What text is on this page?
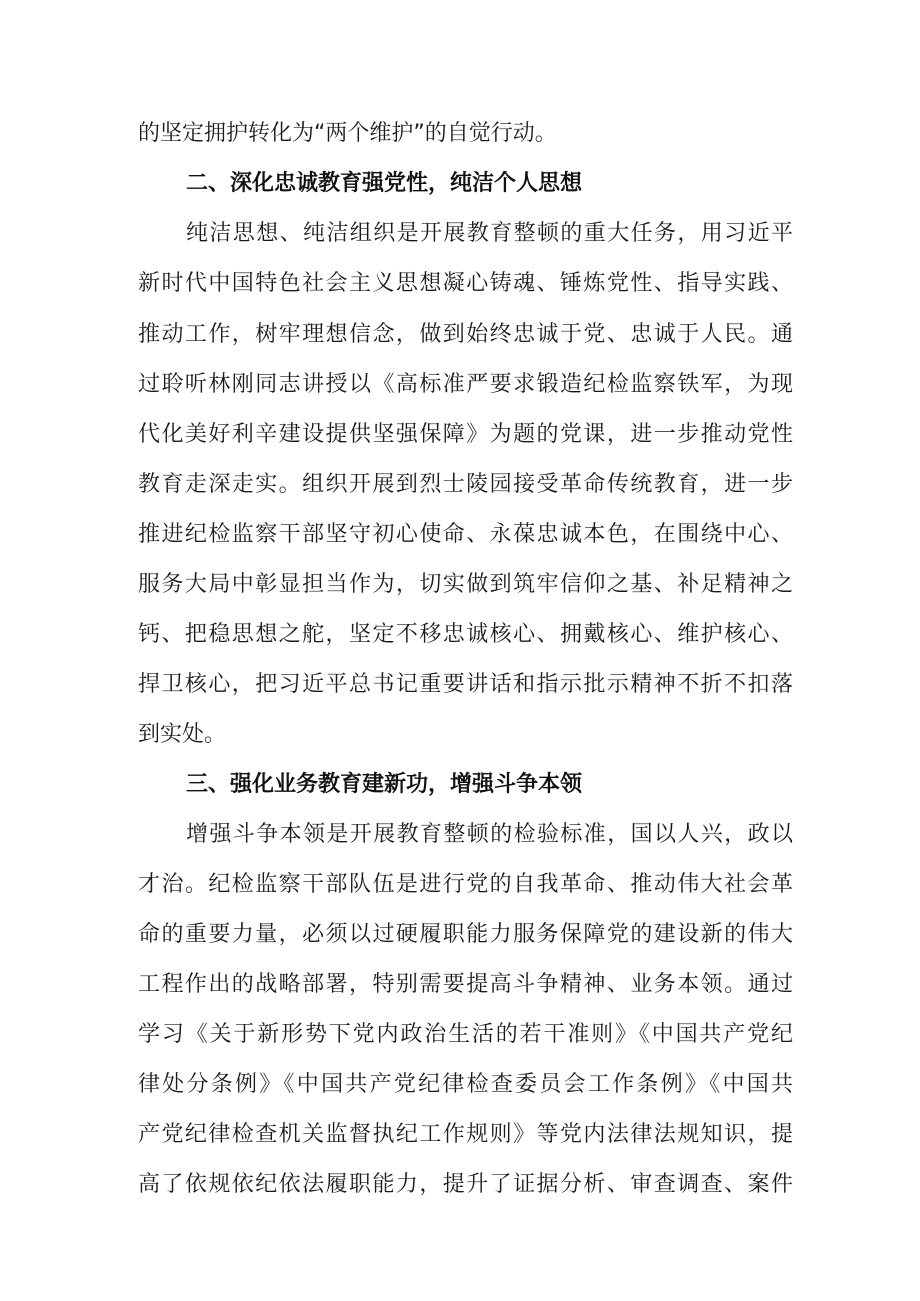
的坚定拥护转化为“两个维护”的自觉行动。
二、深化忠诚教育强党性，纯洁个人思想
纯洁思想、纯洁组织是开展教育整顿的重大任务，用习近平
新时代中国特色社会主义思想凝心铸魂、锤炼党性、指导实践、
推动工作，树牢理想信念，做到始终忠诚于党、忠诚于人民。通
过聆听林刚同志讲授以《高标准严要求锻造纪检监察铁军，为现
代化美好利辛建设提供坚强保障》为题的党课，进一步推动党性
教育走深走实。组织开展到烈士陵园接受革命传统教育，进一步
推进纪检监察干部坚守初心使命、永葆忠诚本色，在围绕中心、
服务大局中彰显担当作为，切实做到筑牢信仰之基、补足精神之
钙、把稳思想之舵，坚定不移忠诚核心、拥戴核心、维护核心、
捍卫核心，把习近平总书记重要讲话和指示批示精神不折不扣落
到实处。
三、强化业务教育建新功，增强斗争本领
增强斗争本领是开展教育整顿的检验标准，国以人兴，政以
才治。纪检监察干部队伍是进行党的自我革命、推动伟大社会革
命的重要力量，必须以过硬履职能力服务保障党的建设新的伟大
工程作出的战略部署，特别需要提高斗争精神、业务本领。通过
学习《关于新形势下党内政治生活的若干准则》《中国共产党纪
律处分条例》《中国共产党纪律检查委员会工作条例》《中国共
产党纪律检查机关监督执纪工作规则》等党内法律法规知识，提
高了依规依纪依法履职能力，提升了证据分析、审查调查、案件
